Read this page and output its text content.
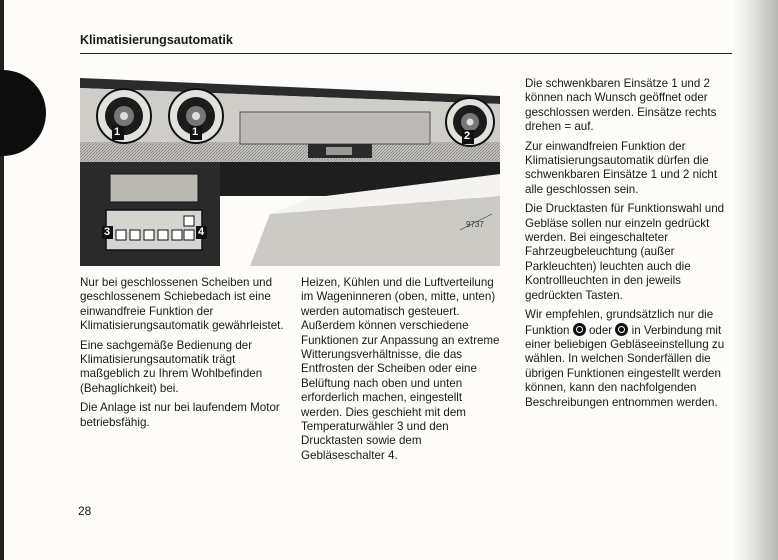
Klimatisierungsautomatik
1	1	2
3	4
9737

Nur bei geschlossenen Scheiben und geschlossenem Schiebedach ist eine einwandfreie Funktion der Klimatisierungsautomatik gewährleistet.

Eine sachgemäße Bedienung der Klimatisierungsautomatik trägt maßgeblich zu Ihrem Wohlbefinden (Behaglichkeit) bei.

Die Anlage ist nur bei laufendem Motor betriebsfähig.

Heizen, Kühlen und die Luftverteilung im Wageninneren (oben, mitte, unten) werden automatisch gesteuert. Außerdem können verschiedene Funktionen zur Anpassung an extreme Witterungsverhältnisse, die das Entfrosten der Scheiben oder eine Belüftung nach oben und unten erforderlich machen, eingestellt werden. Dies geschieht mit dem Temperaturwähler 3 und den Drucktasten sowie dem Gebläseschalter 4.

Die schwenkbaren Einsätze 1 und 2 können nach Wunsch geöffnet oder geschlossen werden. Einsätze rechts drehen = auf.

Zur einwandfreien Funktion der Klimatisierungsautomatik dürfen die schwenkbaren Einsätze 1 und 2 nicht alle geschlossen sein.

Die Drucktasten für Funktionswahl und Gebläse sollen nur einzeln gedrückt werden. Bei eingeschalteter Fahrzeugbeleuchtung (außer Parkleuchten) leuchten auch die Kontrollleuchten in den jeweils gedrückten Tasten.

Wir empfehlen, grundsätzlich nur die Funktion oder in Verbindung mit einer beliebigen Gebläseeinstellung zu wählen. In welchen Sonderfällen die übrigen Funktionen eingestellt werden können, kann den nachfolgenden Beschreibungen entnommen werden.

28
